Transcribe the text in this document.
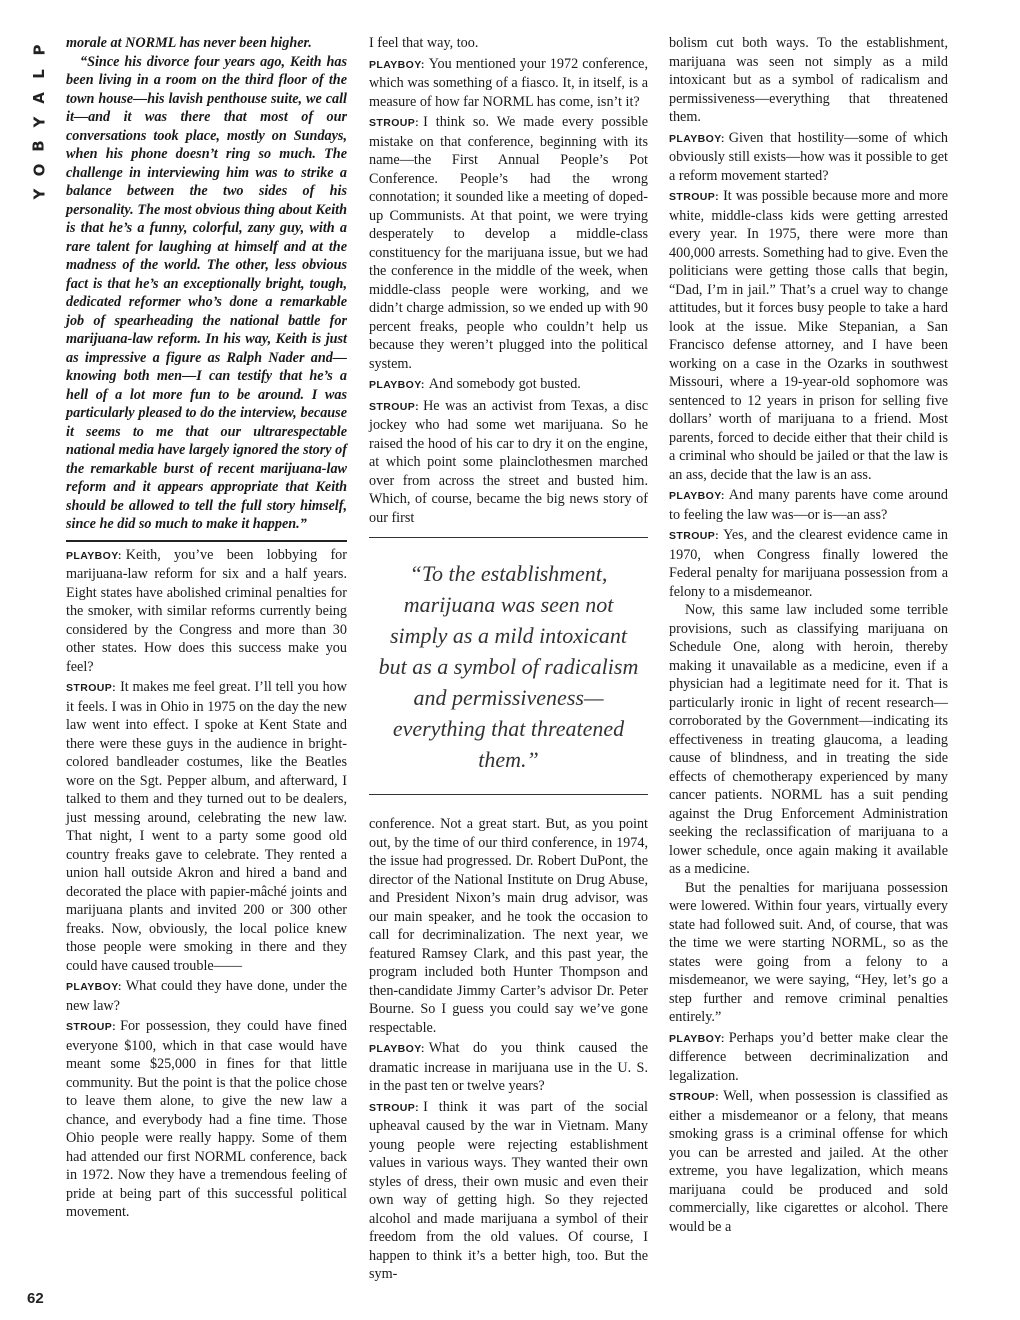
P
L
A
Y
B
O
Y
62

morale at NORML has never been higher.

“Since his divorce four years ago, Keith has been living in a room on the third floor of the town house—his lavish penthouse suite, we call it—and it was there that most of our conversations took place, mostly on Sundays, when his phone doesn’t ring so much. The challenge in interviewing him was to strike a balance between the two sides of his personality. The most obvious thing about Keith is that he’s a funny, colorful, zany guy, with a rare talent for laughing at himself and at the madness of the world. The other, less obvious fact is that he’s an exceptionally bright, tough, dedicated reformer who’s done a remarkable job of spearheading the national battle for marijuana-law reform. In his way, Keith is just as impressive a figure as Ralph Nader and—knowing both men—I can testify that he’s a hell of a lot more fun to be around. I was particularly pleased to do the interview, because it seems to me that our ultrarespectable national media have largely ignored the story of the remarkable burst of recent marijuana-law reform and it appears appropriate that Keith should be allowed to tell the full story himself, since he did so much to make it happen.”

PLAYBOY: Keith, you’ve been lobbying for marijuana-law reform for six and a half years. Eight states have abolished criminal penalties for the smoker, with similar reforms currently being considered by the Congress and more than 30 other states. How does this success make you feel?

STROUP: It makes me feel great. I’ll tell you how it feels. I was in Ohio in 1975 on the day the new law went into effect. I spoke at Kent State and there were these guys in the audience in bright-colored bandleader costumes, like the Beatles wore on the Sgt. Pepper album, and afterward, I talked to them and they turned out to be dealers, just messing around, celebrating the new law. That night, I went to a party some good old country freaks gave to celebrate. They rented a union hall outside Akron and hired a band and decorated the place with papier-mâché joints and marijuana plants and invited 200 or 300 other freaks. Now, obviously, the local police knew those people were smoking in there and they could have caused trouble——

PLAYBOY: What could they have done, under the new law?

STROUP: For possession, they could have fined everyone $100, which in that case would have meant some $25,000 in fines for that little community. But the point is that the police chose to leave them alone, to give the new law a chance, and everybody had a fine time. Those Ohio people were really happy. Some of them had attended our first NORML conference, back in 1972. Now they have a tremendous feeling of pride at being part of this successful political movement.

I feel that way, too.

PLAYBOY: You mentioned your 1972 conference, which was something of a fiasco. It, in itself, is a measure of how far NORML has come, isn’t it?

STROUP: I think so. We made every possible mistake on that conference, beginning with its name—the First Annual People’s Pot Conference. People’s had the wrong connotation; it sounded like a meeting of doped-up Communists. At that point, we were trying desperately to develop a middle-class constituency for the marijuana issue, but we had the conference in the middle of the week, when middle-class people were working, and we didn’t charge admission, so we ended up with 90 percent freaks, people who couldn’t help us because they weren’t plugged into the political system.

PLAYBOY: And somebody got busted.

STROUP: He was an activist from Texas, a disc jockey who had some wet marijuana. So he raised the hood of his car to dry it on the engine, at which point some plainclothesmen marched over from across the street and busted him. Which, of course, became the big news story of our first

“To the establishment, marijuana was seen not simply as a mild intoxicant but as a symbol of radicalism and permissiveness—everything that threatened them.”

conference. Not a great start. But, as you point out, by the time of our third conference, in 1974, the issue had progressed. Dr. Robert DuPont, the director of the National Institute on Drug Abuse, and President Nixon’s main drug advisor, was our main speaker, and he took the occasion to call for decriminalization. The next year, we featured Ramsey Clark, and this past year, the program included both Hunter Thompson and then-candidate Jimmy Carter’s advisor Dr. Peter Bourne. So I guess you could say we’ve gone respectable.

PLAYBOY: What do you think caused the dramatic increase in marijuana use in the U. S. in the past ten or twelve years?

STROUP: I think it was part of the social upheaval caused by the war in Vietnam. Many young people were rejecting establishment values in various ways. They wanted their own styles of dress, their own music and even their own way of getting high. So they rejected alcohol and made marijuana a symbol of their freedom from the old values. Of course, I happen to think it’s a better high, too. But the sym-

bolism cut both ways. To the establishment, marijuana was seen not simply as a mild intoxicant but as a symbol of radicalism and permissiveness—everything that threatened them.

PLAYBOY: Given that hostility—some of which obviously still exists—how was it possible to get a reform movement started?

STROUP: It was possible because more and more white, middle-class kids were getting arrested every year. In 1975, there were more than 400,000 arrests. Something had to give. Even the politicians were getting those calls that begin, “Dad, I’m in jail.” That’s a cruel way to change attitudes, but it forces busy people to take a hard look at the issue. Mike Stepanian, a San Francisco defense attorney, and I have been working on a case in the Ozarks in southwest Missouri, where a 19-year-old sophomore was sentenced to 12 years in prison for selling five dollars’ worth of marijuana to a friend. Most parents, forced to decide either that their child is a criminal who should be jailed or that the law is an ass, decide that the law is an ass.

PLAYBOY: And many parents have come around to feeling the law was—or is—an ass?

STROUP: Yes, and the clearest evidence came in 1970, when Congress finally lowered the Federal penalty for marijuana possession from a felony to a misdemeanor.

Now, this same law included some terrible provisions, such as classifying marijuana on Schedule One, along with heroin, thereby making it unavailable as a medicine, even if a physician had a legitimate need for it. That is particularly ironic in light of recent research—corroborated by the Government—indicating its effectiveness in treating glaucoma, a leading cause of blindness, and in treating the side effects of chemotherapy experienced by many cancer patients. NORML has a suit pending against the Drug Enforcement Administration seeking the reclassification of marijuana to a lower schedule, once again making it available as a medicine.

But the penalties for marijuana possession were lowered. Within four years, virtually every state had followed suit. And, of course, that was the time we were starting NORML, so as the states were going from a felony to a misdemeanor, we were saying, “Hey, let’s go a step further and remove criminal penalties entirely.”

PLAYBOY: Perhaps you’d better make clear the difference between decriminalization and legalization.

STROUP: Well, when possession is classified as either a misdemeanor or a felony, that means smoking grass is a criminal offense for which you can be arrested and jailed. At the other extreme, you have legalization, which means marijuana could be produced and sold commercially, like cigarettes or alcohol. There would be a
